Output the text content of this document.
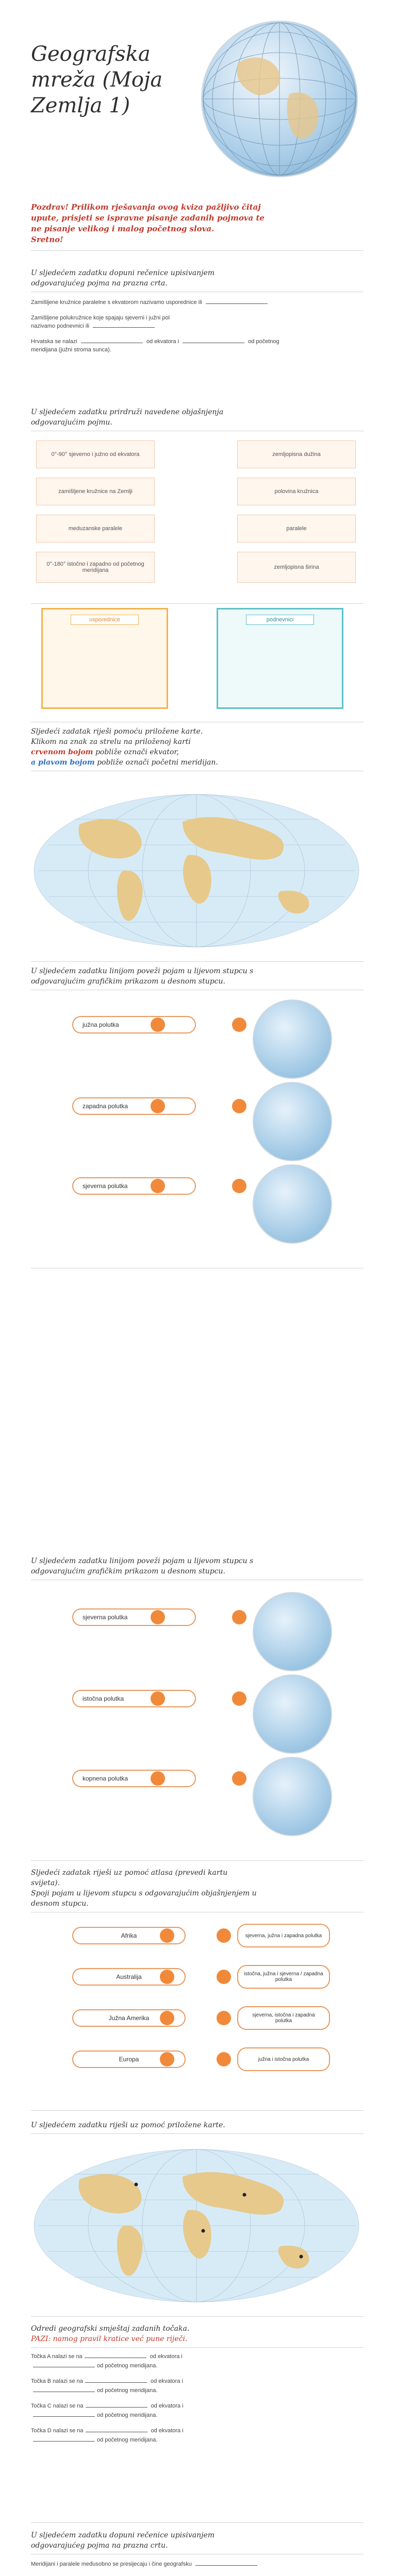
Geografska
mreža (Moja
Zemlja 1)
Pozdrav! Prilikom rješavanja ovog kviza pažljivo čitaj
upute, prisjeti se ispravne pisanje zadanih pojmova te
ne pisanje velikog i malog početnog slova.
Sretno!
U sljedećem zadatku dopuni rečenice upisivanjem
odgovarajućeg pojma na prazna crta.
Zamišljene kružnice paralelne s ekvatorom nazivamo usporednice ili
Zamišljene polukružnice koje spajaju sjeverni i južni pol
nazivamo podnevnici ili
Hrvatska se nalazi	od ekvatora i	od početnog
meridijana (južni stroma sunca).
U sljedećem zadatku prirdruži navedene objašnjenja
odgovarajućim pojmu.
0°-90° sjeverno i južno od ekvatora
zamišljene kružnice na Zemlji
meduzanske paralele
0°-180° istočno i zapadno od početnog meridijana
zemljopisna dužina
polovina kružnica
paralele
zemljopisna širina
usporednice	podnevnici
Sljedeći zadatak riješi pomoću priložene karte.
Klikom na znak za strelu na priloženoj karti
crvenom bojom pobliže označi ekvator,
a plavom bojom pobliže označi početni meridijan.
U sljedećem zadatku linijom poveži pojam u lijevom stupcu s
odgovarajućim grafičkim prikazom u desnom stupcu.
južna polutka
zapadna polutka
sjeverna polutka
U sljedećem zadatku linijom poveži pojam u lijevom stupcu s
odgovarajućim grafičkim prikazom u desnom stupcu.
sjeverna polutka
istočna polutka
kopnena polutka
Sljedeći zadatak riješi uz pomoć atlasa (prevedi kartu
svijeta).
Spoji pojam u lijevom stupcu s odgovarajućim objašnjenjem u
desnom stupcu.
Afrika
Australija
Južna Amerika
Europa
sjeverna, južna i zapadna polutka
istočna, južna i sjeverna / zapadna polutka
sjeverna, istočna i zapadna polutka
južna i istočna polutka
U sljedećem zadatku riješi uz pomoć priložene karte.
Odredi geografski smještaj zadanih točaka.
PAZI: namog pravil kratice već pune riječi.
Točka A nalazi se na	od ekvatora i
od početnog meridijana.
Točka B nalazi se na	od ekvatora i
od početnog meridijana.
Točka C nalazi se na	od ekvatora i
od početnog meridijana.
Točka D nalazi se na	od ekvatora i
od početnog meridijana.
U sljedećem zadatku dopuni rečenice upisivanjem
odgovarajućeg pojma na prazna crtu.
Meridijani i paralele međusobno se presijecaju i čine geografsku
